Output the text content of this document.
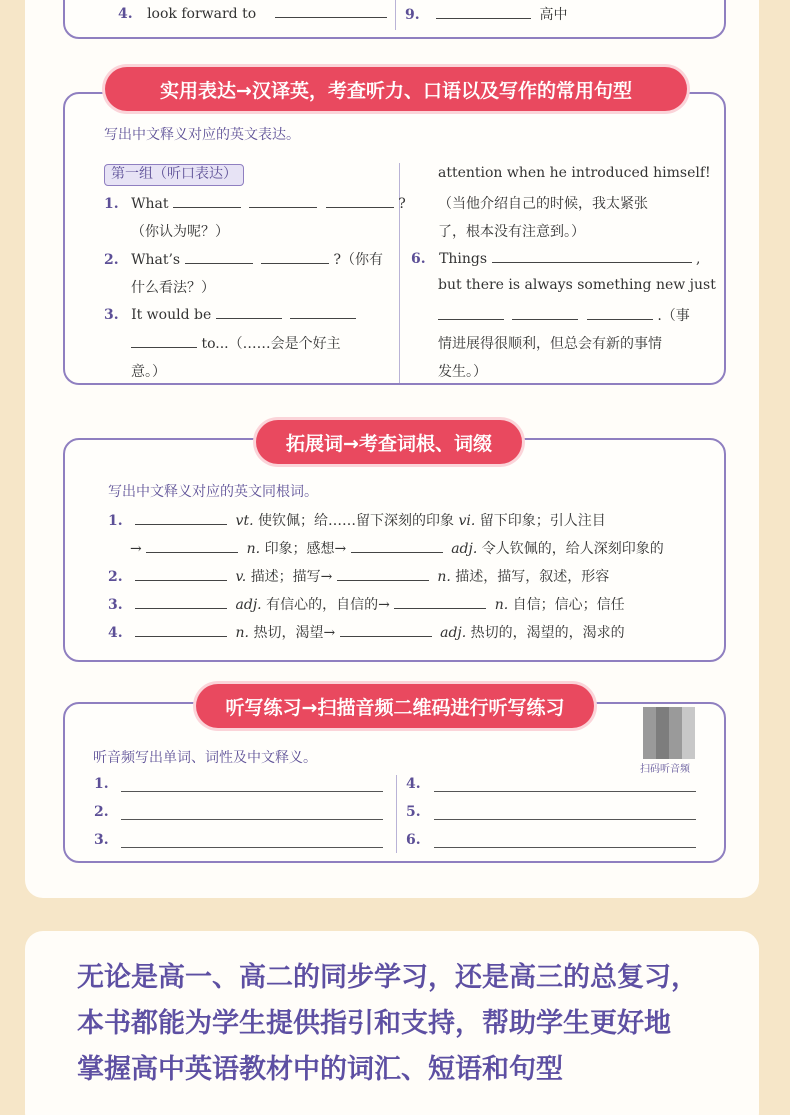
4. look forward to	9.	高中
实用表达→汉译英，考查听力、口语以及写作的常用句型
写出中文释义对应的英文表达。
第一组（听口表达）
1. What	?
（你认为呢？）
2. What’s	?（你有
什么看法？）
3. It would be
to...（……会是个好主
意。）
attention when he introduced himself!
（当他介绍自己的时候，我太紧张
了，根本没有注意到。）
6. Things	,
but there is always something new just
.（事
情进展得很顺利，但总会有新的事情
发生。）
拓展词→考查词根、词缀
写出中文释义对应的英文同根词。
1.	vt. 使钦佩；给……留下深刻的印象 vi. 留下印象；引人注目
→	n. 印象；感想→	adj. 令人钦佩的，给人深刻印象的
2.	v. 描述；描写→	n. 描述，描写，叙述，形容
3.	adj. 有信心的，自信的→	n. 自信；信心；信任
4.	n. 热切，渴望→	adj. 热切的，渴望的，渴求的
听写练习→扫描音频二维码进行听写练习
扫码听音频
听音频写出单词、词性及中文释义。
1.
2.
3.
4.
5.
6.
无论是高一、高二的同步学习，还是高三的总复习，
本书都能为学生提供指引和支持，帮助学生更好地
掌握高中英语教材中的词汇、短语和句型
